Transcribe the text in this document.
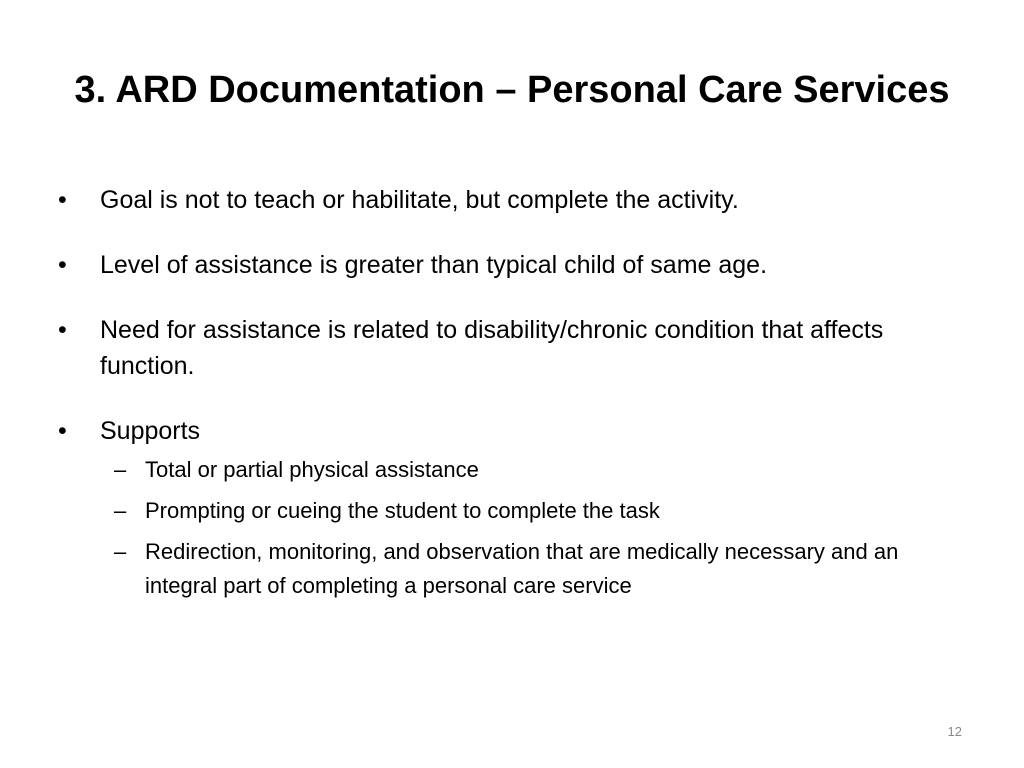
3. ARD Documentation – Personal Care Services
•	Goal is not to teach or habilitate, but complete the activity.
•	Level of assistance is greater than typical child of same age.
•	Need for assistance is related to disability/chronic condition that affects function.
•	Supports
– Total or partial physical assistance
– Prompting or cueing the student to complete the task
– Redirection, monitoring, and observation that are medically necessary and an integral part of completing a personal care service
12
